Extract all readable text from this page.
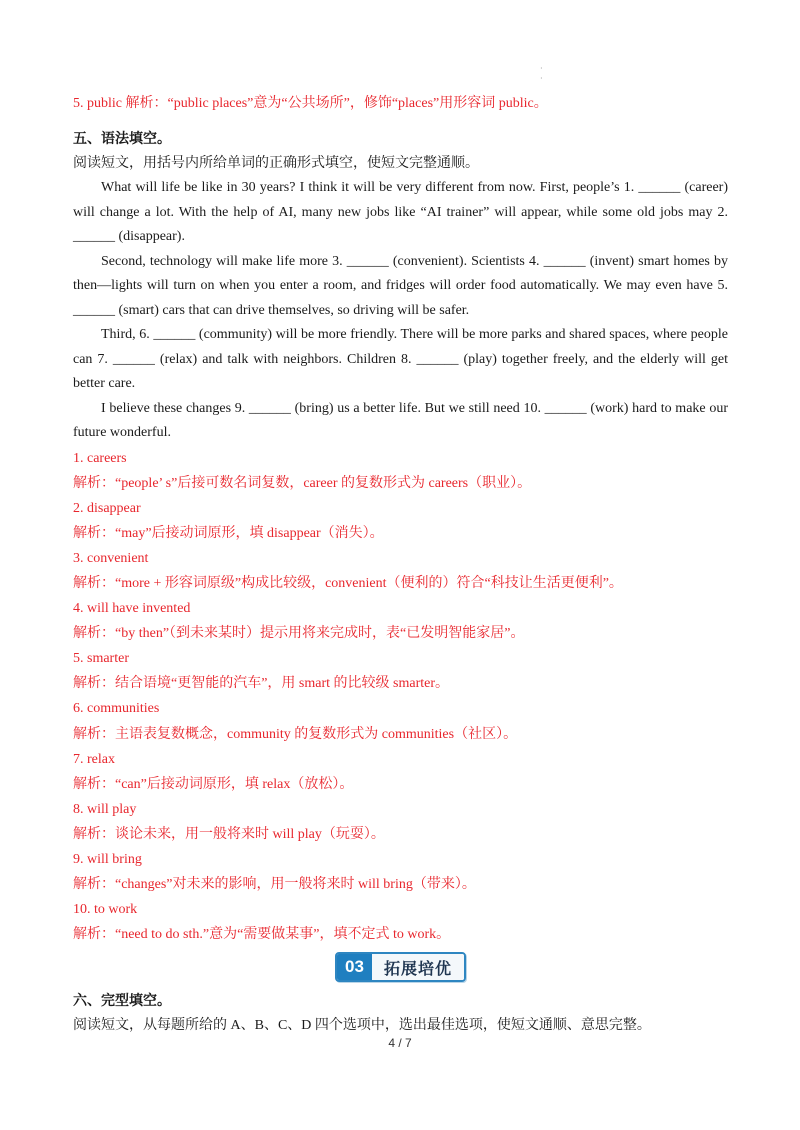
·
·
5. public 解析：“public places”意为“公共场所”，修饰“places”用形容词 public。
五、语法填空。
阅读短文，用括号内所给单词的正确形式填空，使短文完整通顺。
What will life be like in 30 years? I think it will be very different from now. First, people’s 1. ______ (career) will change a lot. With the help of AI, many new jobs like “AI trainer” will appear, while some old jobs may 2. ______ (disappear).
Second, technology will make life more 3. ______ (convenient). Scientists 4. ______ (invent) smart homes by then—lights will turn on when you enter a room, and fridges will order food automatically. We may even have 5. ______ (smart) cars that can drive themselves, so driving will be safer.
Third, 6. ______ (community) will be more friendly. There will be more parks and shared spaces, where people can 7. ______ (relax) and talk with neighbors. Children 8. ______ (play) together freely, and the elderly will get better care.
I believe these changes 9. ______ (bring) us a better life. But we still need 10. ______ (work) hard to make our future wonderful.
1. careers
解析：“people’ s”后接可数名词复数，career 的复数形式为 careers（职业）。
2. disappear
解析：“may”后接动词原形，填 disappear（消失）。
3. convenient
解析：“more + 形容词原级”构成比较级，convenient（便利的）符合“科技让生活更便利”。
4. will have invented
解析：“by then”（到未来某时）提示用将来完成时，表“已发明智能家居”。
5. smarter
解析：结合语境“更智能的汽车”，用 smart 的比较级 smarter。
6. communities
解析：主语表复数概念，community 的复数形式为 communities（社区）。
7. relax
解析：“can”后接动词原形，填 relax（放松）。
8. will play
解析：谈论未来，用一般将来时 will play（玩耍）。
9. will bring
解析：“changes”对未来的影响，用一般将来时 will bring（带来）。
10. to work
解析：“need to do sth.”意为“需要做某事”，填不定式 to work。
03	拓展培优
六、完型填空。
阅读短文，从每题所给的 A、B、C、D 四个选项中，选出最佳选项，使短文通顺、意思完整。
4 / 7
